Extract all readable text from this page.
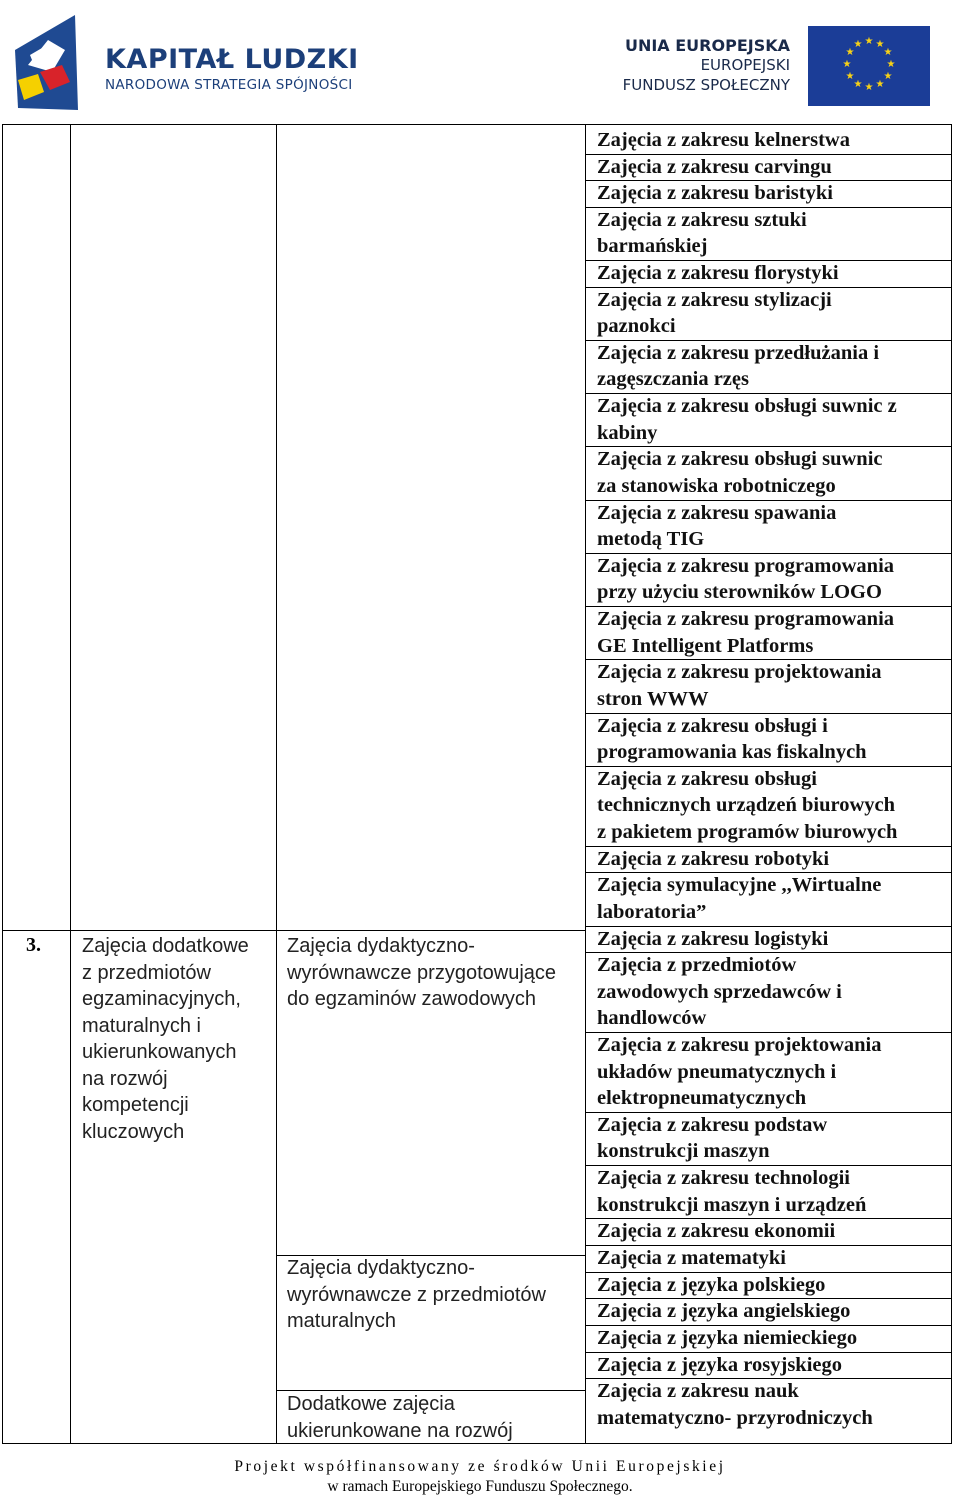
KAPITAŁ LUDZKI
NARODOWA STRATEGIA SPÓJNOŚCI
UNIA EUROPEJSKA
EUROPEJSKI
FUNDUSZ SPOŁECZNY
★ ★
★
★
★
★
★
★
★
★
★
★
3. Zajęcia dodatkowe
z przedmiotów
egzaminacyjnych,
maturalnych i
ukierunkowanych
na rozwój
kompetencji
kluczowych
Zajęcia dydaktyczno-
wyrównawcze przygotowujące
do egzaminów zawodowych
Zajęcia dydaktyczno-
wyrównawcze z przedmiotów
maturalnych
Dodatkowe zajęcia
ukierunkowane na rozwój
Zajęcia z zakresu kelnerstwa
Zajęcia z zakresu carvingu
Zajęcia z zakresu baristyki
Zajęcia z zakresu sztuki
barmańskiej
Zajęcia z zakresu florystyki
Zajęcia z zakresu stylizacji
paznokci
Zajęcia z zakresu przedłużania i
zagęszczania rzęs
Zajęcia z zakresu obsługi suwnic z
kabiny
Zajęcia z zakresu obsługi suwnic
za stanowiska robotniczego
Zajęcia z zakresu spawania
metodą TIG
Zajęcia z zakresu programowania
przy użyciu sterowników LOGO
Zajęcia z zakresu programowania
GE Intelligent Platforms
Zajęcia z zakresu projektowania
stron WWW
Zajęcia z zakresu obsługi i
programowania kas fiskalnych
Zajęcia z zakresu obsługi
technicznych urządzeń biurowych
z pakietem programów biurowych
Zajęcia z zakresu robotyki
Zajęcia symulacyjne ,,Wirtualne
laboratoria”
Zajęcia z zakresu logistyki
Zajęcia z przedmiotów
zawodowych sprzedawców i
handlowców
Zajęcia z zakresu projektowania
układów pneumatycznych i
elektropneumatycznych
Zajęcia z zakresu podstaw
konstrukcji maszyn
Zajęcia z zakresu technologii
konstrukcji maszyn i urządzeń
Zajęcia z zakresu ekonomii
Zajęcia z matematyki
Zajęcia z języka polskiego
Zajęcia z języka angielskiego
Zajęcia z języka niemieckiego
Zajęcia z języka rosyjskiego
Zajęcia z zakresu nauk
matematyczno- przyrodniczych
Projekt współfinansowany ze środków Unii Europejskiej
w ramach Europejskiego Funduszu Społecznego.
